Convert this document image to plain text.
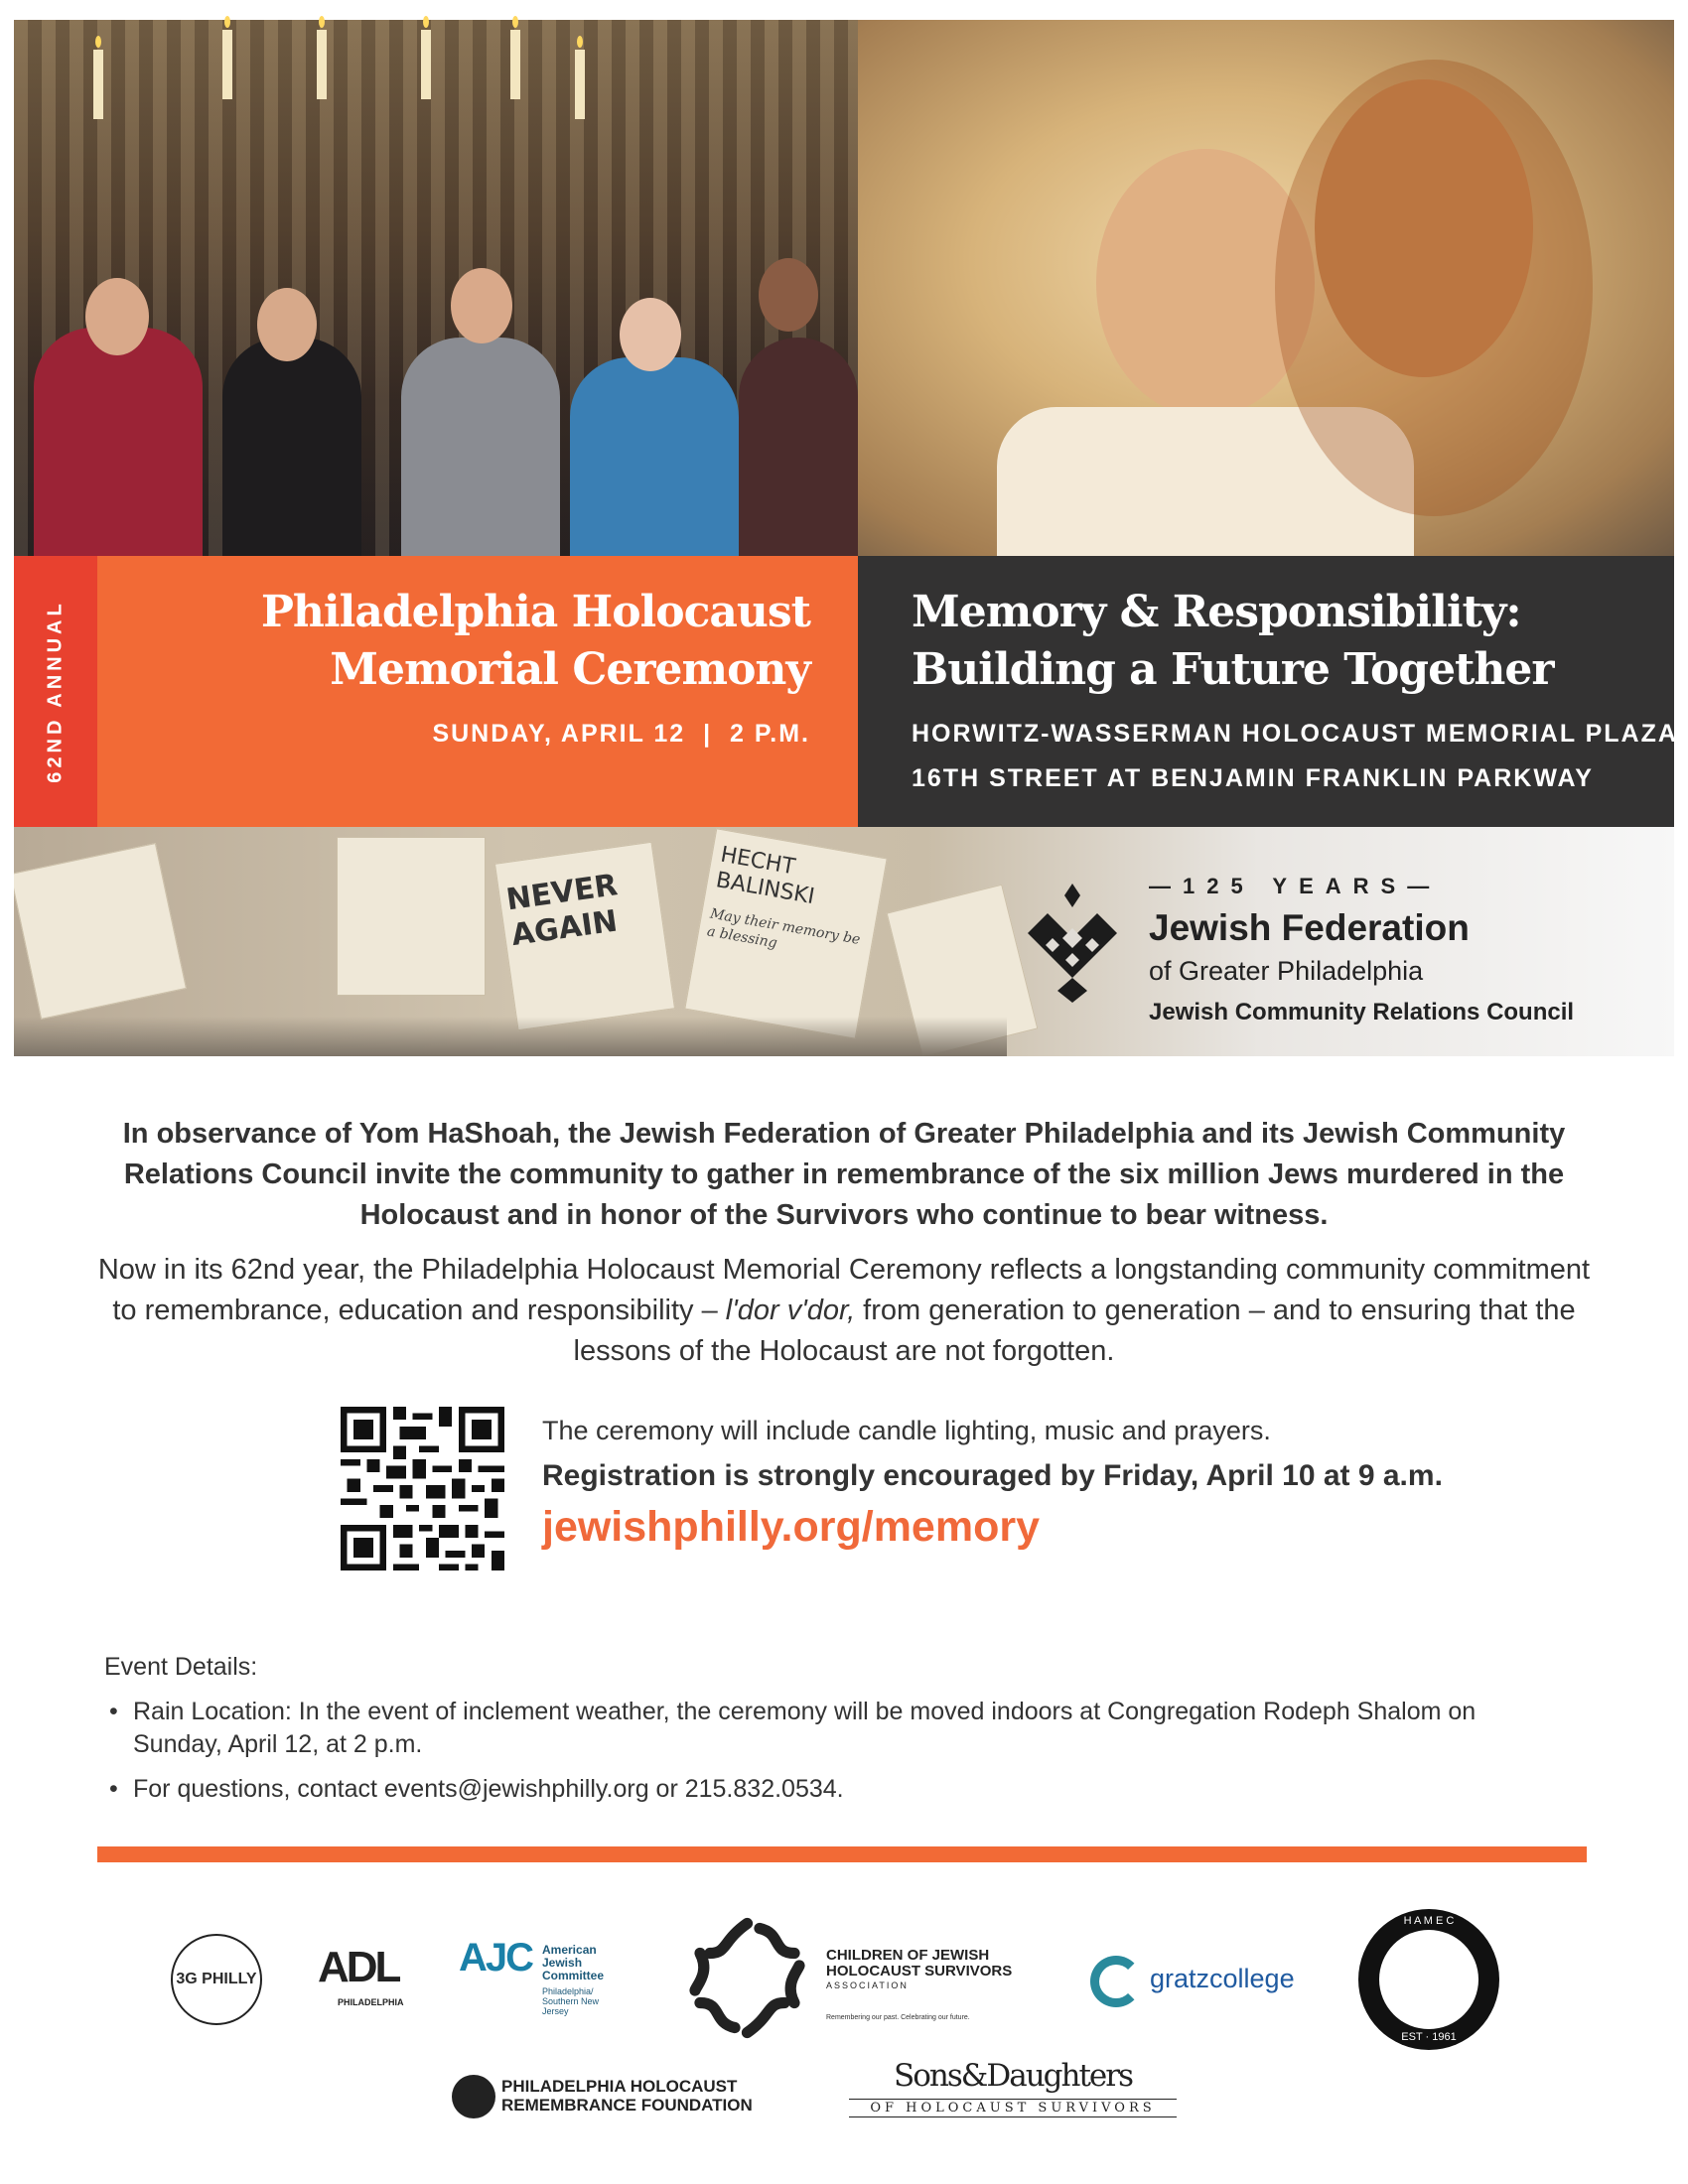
62ND ANNUAL	Philadelphia Holocaust
Memorial Ceremony
SUNDAY, APRIL 12  |  2 P.M.
Memory & Responsibility:
Building a Future Together
HORWITZ-WASSERMAN HOLOCAUST MEMORIAL PLAZA
16TH STREET AT BENJAMIN FRANKLIN PARKWAY
NEVER AGAIN
HECHT BALINSKI
May their memory be a blessing
—125 YEARS—
Jewish Federation
of Greater Philadelphia
Jewish Community Relations Council

In observance of Yom HaShoah, the Jewish Federation of Greater Philadelphia and its Jewish Community Relations Council invite the community to gather in remembrance of the six million Jews murdered in the Holocaust and in honor of the Survivors who continue to bear witness.

Now in its 62nd year, the Philadelphia Holocaust Memorial Ceremony reflects a longstanding community commitment to remembrance, education and responsibility – l'dor v'dor, from generation to generation – and to ensuring that the lessons of the Holocaust are not forgotten.

The ceremony will include candle lighting, music and prayers.
Registration is strongly encouraged by Friday, April 10 at 9 a.m.
jewishphilly.org/memory
Event Details:
• Rain Location: In the event of inclement weather, the ceremony will be moved indoors at Congregation Rodeph Shalom on Sunday, April 12, at 2 p.m.
• For questions, contact events@jewishphilly.org or 215.832.0534.
3G PHILLY ADL
PHILADELPHIA
AJC American Jewish Committee
Philadelphia/ Southern New Jersey
CHILDREN OF JEWISH
HOLOCAUST SURVIVORS
ASSOCIATION
Remembering our past. Celebrating our future.
gratzcollege
H A M E C
EST · 1961
PHILADELPHIA HOLOCAUST
REMEMBRANCE FOUNDATION
Sons&Daughters
OF HOLOCAUST SURVIVORS
